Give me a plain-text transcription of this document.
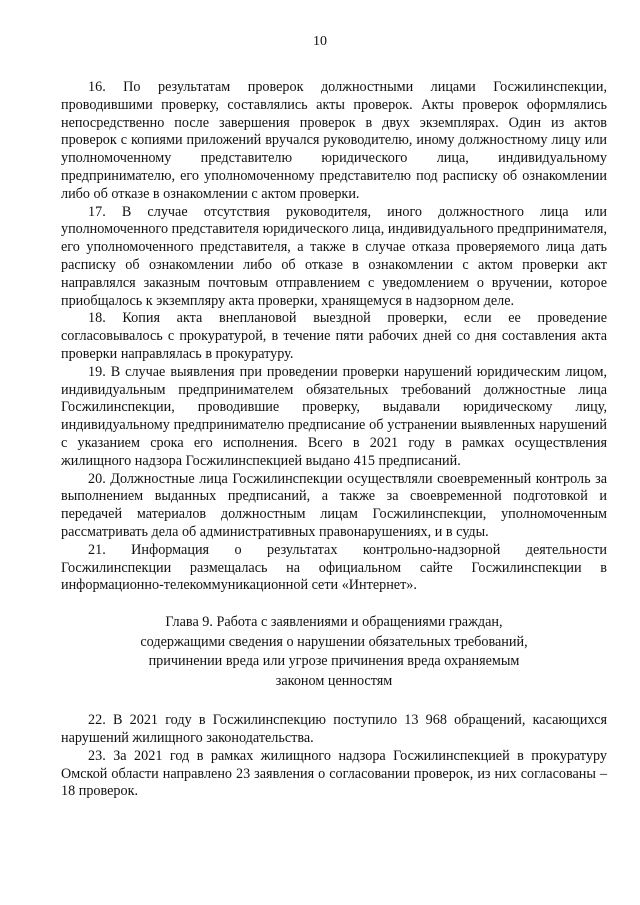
10

16. По результатам проверок должностными лицами Госжилинспекции, проводившими проверку, составлялись акты проверок. Акты проверок оформлялись непосредственно после завершения проверок в двух экземплярах. Один из актов проверок с копиями приложений вручался руководителю, иному должностному лицу или уполномоченному представителю юридического лица, индивидуальному предпринимателю, его уполномоченному представителю под расписку об ознакомлении либо об отказе в ознакомлении с актом проверки.

17. В случае отсутствия руководителя, иного должностного лица или уполномоченного представителя юридического лица, индивидуального предпринимателя, его уполномоченного представителя, а также в случае отказа проверяемого лица дать расписку об ознакомлении либо об отказе в ознакомлении с актом проверки акт направлялся заказным почтовым отправлением с уведомлением о вручении, которое приобщалось к экземпляру акта проверки, хранящемуся в надзорном деле.

18. Копия акта внеплановой выездной проверки, если ее проведение согласовывалось с прокуратурой, в течение пяти рабочих дней со дня составления акта проверки направлялась в прокуратуру.

19. В случае выявления при проведении проверки нарушений юридическим лицом, индивидуальным предпринимателем обязательных требований должностные лица Госжилинспекции, проводившие проверку, выдавали юридическому лицу, индивидуальному предпринимателю предписание об устранении выявленных нарушений с указанием срока его исполнения. Всего в 2021 году в рамках осуществления жилищного надзора Госжилинспекцией выдано 415 предписаний.

20. Должностные лица Госжилинспекции осуществляли своевременный контроль за выполнением выданных предписаний, а также за своевременной подготовкой и передачей материалов должностным лицам Госжилинспекции, уполномоченным рассматривать дела об административных правонарушениях, и в суды.

21. Информация о результатах контрольно-надзорной деятельности Госжилинспекции размещалась на официальном сайте Госжилинспекции в информационно-телекоммуникационной сети «Интернет».

Глава 9. Работа с заявлениями и обращениями граждан,
содержащими сведения о нарушении обязательных требований,
причинении вреда или угрозе причинения вреда охраняемым
законом ценностям

22. В 2021 году в Госжилинспекцию поступило 13 968 обращений, касающихся нарушений жилищного законодательства.

23. За 2021 год в рамках жилищного надзора Госжилинспекцией в прокуратуру Омской области направлено 23 заявления о согласовании проверок, из них согласованы – 18 проверок.
